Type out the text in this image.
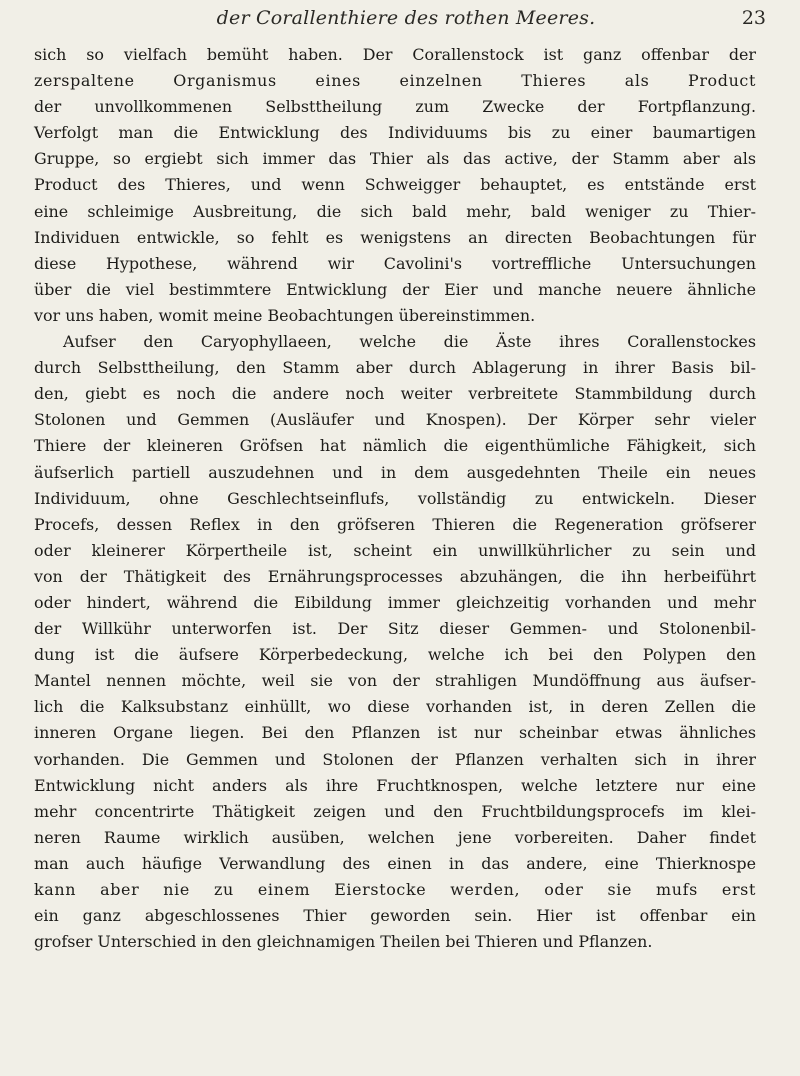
der Corallenthiere des rothen Meeres.	23
sich so vielfach bemüht haben. Der Corallenstock ist ganz offenbar der
zerspaltene Organismus eines einzelnen Thieres als Product
der unvollkommenen Selbsttheilung zum Zwecke der Fortpflanzung.
Verfolgt man die Entwicklung des Individuums bis zu einer baumartigen
Gruppe, so ergiebt sich immer das Thier als das active, der Stamm aber als
Product des Thieres, und wenn Schweigger behauptet, es entstände erst
eine schleimige Ausbreitung, die sich bald mehr, bald weniger zu Thier-
Individuen entwickle, so fehlt es wenigstens an directen Beobachtungen für
diese Hypothese, während wir Cavolini's vortreffliche Untersuchungen
über die viel bestimmtere Entwicklung der Eier und manche neuere ähnliche
vor uns haben, womit meine Beobachtungen übereinstimmen.
Aufser den Caryophyllaeen, welche die Äste ihres Corallenstockes
durch Selbsttheilung, den Stamm aber durch Ablagerung in ihrer Basis bil-
den, giebt es noch die andere noch weiter verbreitete Stammbildung durch
Stolonen und Gemmen (Ausläufer und Knospen). Der Körper sehr vieler
Thiere der kleineren Gröfsen hat nämlich die eigenthümliche Fähigkeit, sich
äufserlich partiell auszudehnen und in dem ausgedehnten Theile ein neues
Individuum, ohne Geschlechtseinflufs, vollständig zu entwickeln. Dieser
Procefs, dessen Reflex in den gröfseren Thieren die Regeneration gröfserer
oder kleinerer Körpertheile ist, scheint ein unwillkührlicher zu sein und
von der Thätigkeit des Ernährungsprocesses abzuhängen, die ihn herbeiführt
oder hindert, während die Eibildung immer gleichzeitig vorhanden und mehr
der Willkühr unterworfen ist. Der Sitz dieser Gemmen- und Stolonenbil-
dung ist die äufsere Körperbedeckung, welche ich bei den Polypen den
Mantel nennen möchte, weil sie von der strahligen Mundöffnung aus äufser-
lich die Kalksubstanz einhüllt, wo diese vorhanden ist, in deren Zellen die
inneren Organe liegen. Bei den Pflanzen ist nur scheinbar etwas ähnliches
vorhanden. Die Gemmen und Stolonen der Pflanzen verhalten sich in ihrer
Entwicklung nicht anders als ihre Fruchtknospen, welche letztere nur eine
mehr concentrirte Thätigkeit zeigen und den Fruchtbildungsprocefs im klei-
neren Raume wirklich ausüben, welchen jene vorbereiten. Daher findet
man auch häufige Verwandlung des einen in das andere, eine Thierknospe
kann aber nie zu einem Eierstocke werden, oder sie mufs erst
ein ganz abgeschlossenes Thier geworden sein. Hier ist offenbar ein
grofser Unterschied in den gleichnamigen Theilen bei Thieren und Pflanzen.
